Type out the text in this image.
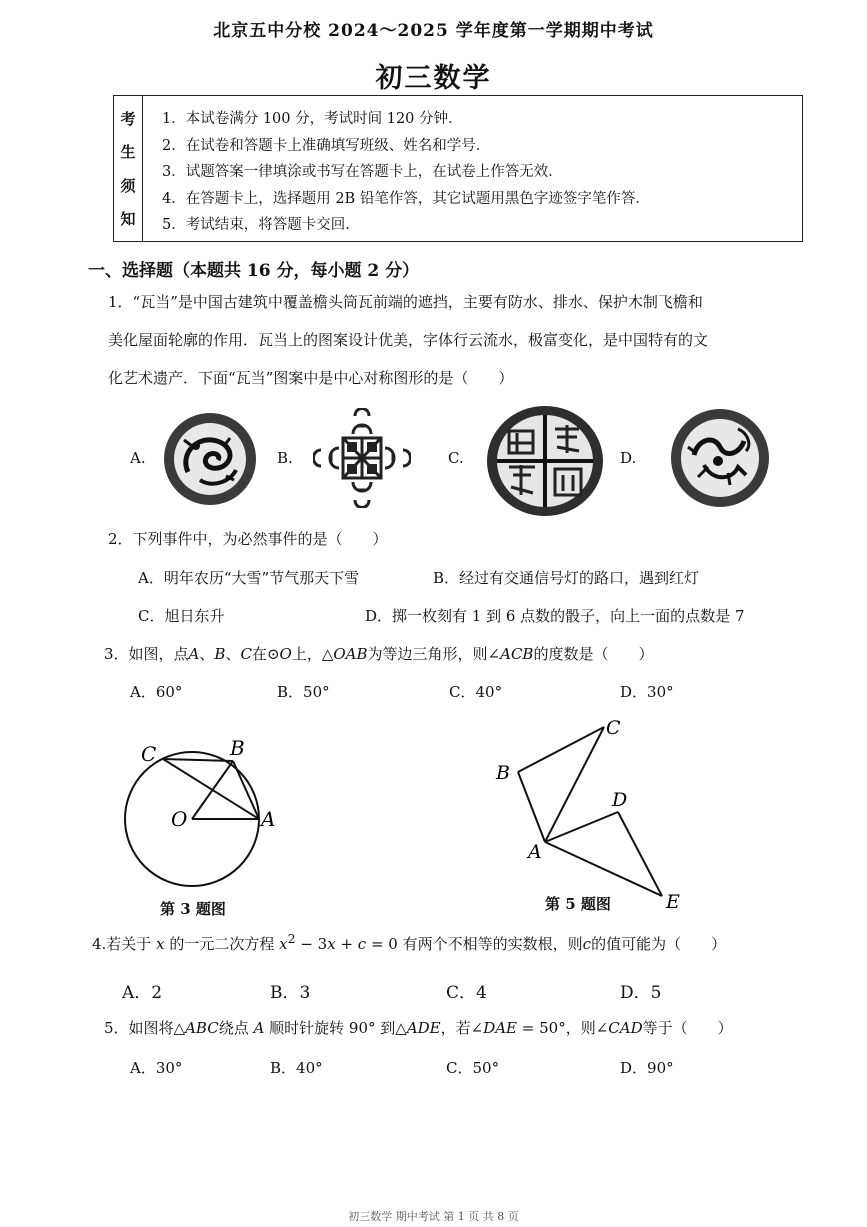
北京五中分校 2024～2025 学年度第一学期期中考试
初三数学
考
生
须
知
1．本试卷满分 100 分，考试时间 120 分钟．
2．在试卷和答题卡上准确填写班级、姓名和学号．
3．试题答案一律填涂或书写在答题卡上，在试卷上作答无效．
4．在答题卡上，选择题用 2B 铅笔作答，其它试题用黑色字迹签字笔作答．
5．考试结束，将答题卡交回．
一、选择题（本题共 16 分，每小题 2 分）
1．“瓦当”是中国古建筑中覆盖檐头筒瓦前端的遮挡，主要有防水、排水、保护木制飞檐和
美化屋面轮廓的作用．瓦当上的图案设计优美，字体行云流水，极富变化，是中国特有的文
化艺术遗产．下面“瓦当”图案中是中心对称图形的是（　　）
A.	B.	C.	D.
2．下列事件中，为必然事件的是（　　）
A．明年农历“大雪”节气那天下雪	B．经过有交通信号灯的路口，遇到红灯
C．旭日东升	D．掷一枚刻有 1 到 6 点数的骰子，向上一面的点数是 7
3．如图，点A、B、C在⊙O上，△OAB为等边三角形，则∠ACB的度数是（　　）
A．60°	B．50°	C．40°	D．30°
C	B
O	A
第 3 题图
B
C
D
A
E
第 5 题图
4.若关于 x 的一元二次方程 $x^2 - 3x + c = 0$ 有两个不相等的实数根，则c的值可能为（　　）
A．2	B．3	C．4	D．5
5．如图将△ABC绕点 A 顺时针旋转 90° 到△ADE，若∠DAE = 50°，则∠CAD等于（　　）
A．30°	B．40°	C．50°	D．90°
初三数学 期中考试 第 1 页 共 8 页
